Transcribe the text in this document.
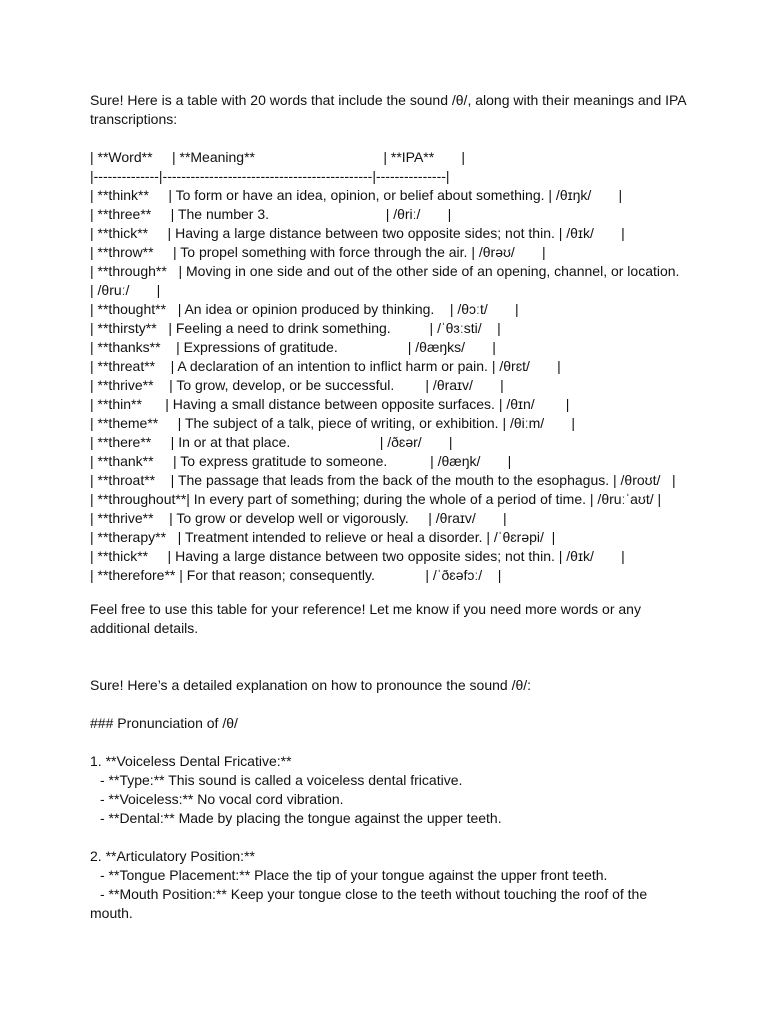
Sure! Here is a table with 20 words that include the sound /θ/, along with their meanings and IPA transcriptions:

| **Word**     | **Meaning**                                 | **IPA**       |

|--------------|---------------------------------------------|---------------|

| **think**     | To form or have an idea, opinion, or belief about something. | /θɪŋk/       |

| **three**     | The number 3.                              | /θriː/       |

| **thick**     | Having a large distance between two opposite sides; not thin. | /θɪk/       |

| **throw**     | To propel something with force through the air. | /θrəʊ/       |

| **through**   | Moving in one side and out of the other side of an opening, channel, or location.

| /θruː/       |

| **thought**   | An idea or opinion produced by thinking.    | /θɔːt/       |

| **thirsty**   | Feeling a need to drink something.          | /ˈθɜːsti/    |

| **thanks**    | Expressions of gratitude.                  | /θæŋks/       |

| **threat**    | A declaration of an intention to inflict harm or pain. | /θrɛt/       |

| **thrive**    | To grow, develop, or be successful.        | /θraɪv/       |

| **thin**      | Having a small distance between opposite surfaces. | /θɪn/        |

| **theme**     | The subject of a talk, piece of writing, or exhibition. | /θiːm/       |

| **there**     | In or at that place.                       | /ðɛər/       |

| **thank**     | To express gratitude to someone.           | /θæŋk/       |

| **throat**    | The passage that leads from the back of the mouth to the esophagus. | /θroʊt/   |

| **throughout**| In every part of something; during the whole of a period of time. | /θruːˈaʊt/ |

| **thrive**    | To grow or develop well or vigorously.     | /θraɪv/       |

| **therapy**   | Treatment intended to relieve or heal a disorder. | /ˈθɛrəpi/  |

| **thick**     | Having a large distance between two opposite sides; not thin. | /θɪk/       |

| **therefore** | For that reason; consequently.             | /ˈðɛəfɔː/    |

Feel free to use this table for your reference! Let me know if you need more words or any additional details.

Sure! Here’s a detailed explanation on how to pronounce the sound /θ/:

### Pronunciation of /θ/

1. **Voiceless Dental Fricative:**

- **Type:** This sound is called a voiceless dental fricative.

- **Voiceless:** No vocal cord vibration.

- **Dental:** Made by placing the tongue against the upper teeth.

2. **Articulatory Position:**

- **Tongue Placement:** Place the tip of your tongue against the upper front teeth.

- **Mouth Position:** Keep your tongue close to the teeth without touching the roof of the mouth.
